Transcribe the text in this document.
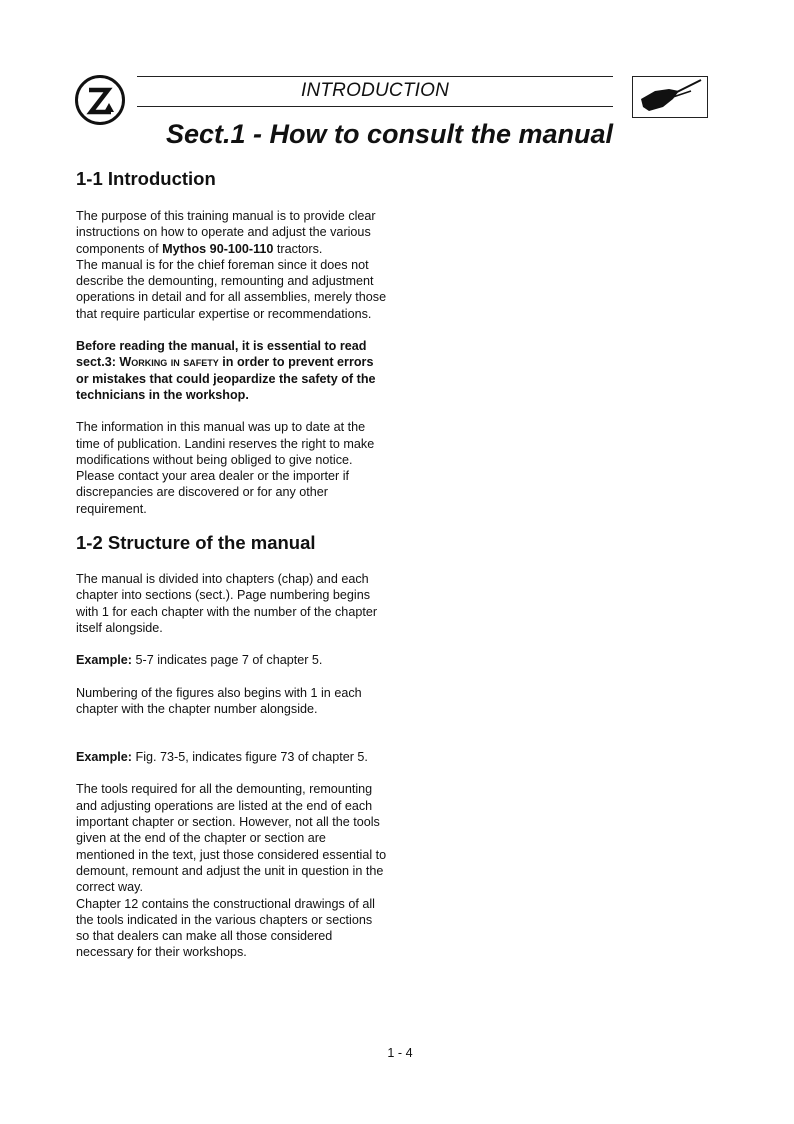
INTRODUCTION
Sect.1 - How to consult the manual
1-1 Introduction

The purpose of this training manual is to provide clear instructions on how to operate and adjust the various components of Mythos 90-100-110 tractors.

The manual is for the chief foreman since it does not describe the demounting, remounting and adjustment operations in detail and for all assemblies, merely those that require particular expertise or recommendations.

Before reading the manual, it is essential to read sect.3: Working in safety in order to prevent errors or mistakes that could jeopardize the safety of the technicians in the workshop.

The information in this manual was up to date at the time of publication. Landini reserves the right to make modifications without being obliged to give notice. Please contact your area dealer or the importer if discrepancies are discovered or for any other requirement.

1-2 Structure of the manual

The manual is divided into chapters (chap) and each chapter into sections (sect.). Page numbering begins with 1 for each chapter with the number of the chapter itself alongside.

Example: 5-7 indicates page 7 of chapter 5.

Numbering of the figures also begins with 1 in each chapter with the chapter number alongside.

Example: Fig. 73-5, indicates figure 73 of chapter 5.

The tools required for all the demounting, remounting and adjusting operations are listed at the end of each important chapter or section. However, not all the tools given at the end of the chapter or section are mentioned in the text, just those considered essential to demount, remount and adjust the unit in question in the correct way.

Chapter 12 contains the constructional drawings of all the tools indicated in the various chapters or sections so that dealers can make all those considered necessary for their workshops.

1 - 4
